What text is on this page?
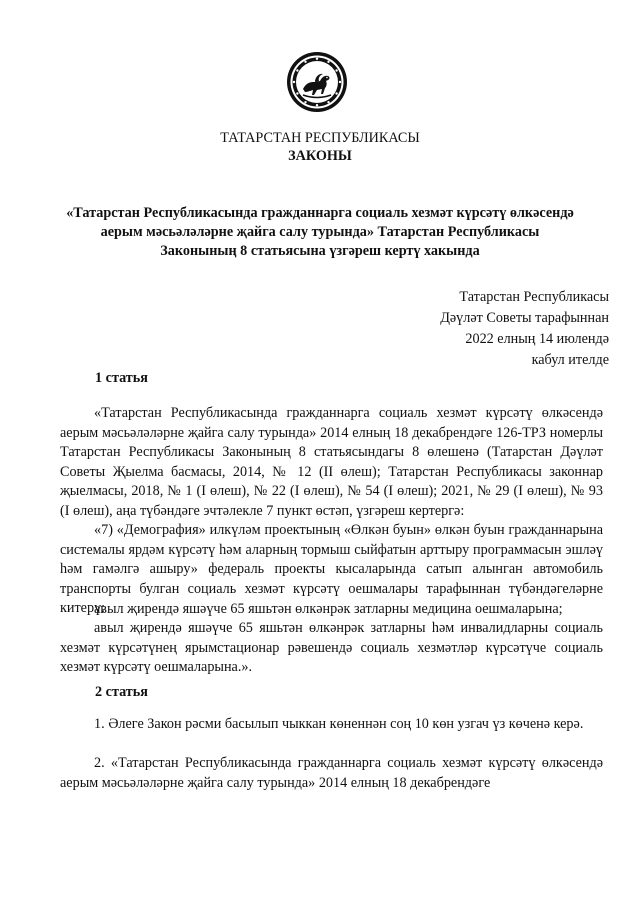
ТАТАРСТАН РЕСПУБЛИКАСЫ
ЗАКОНЫ
«Татарстан Республикасында гражданнарга социаль хезмәт күрсәтү өлкәсендә
аерым мәсьәләләрне җайга салу турында» Татарстан Республикасы
Законының 8 статьясына үзгәреш кертү хакында
Татарстан Республикасы
Дәүләт Советы тарафыннан
2022 елның 14 июлендә
кабул ителде
1 статья
«Татарстан Республикасында гражданнарга социаль хезмәт күрсәтү өлкәсендә аерым мәсьәләләрне җайга салу турында» 2014 елның 18 декабрендәге 126-ТРЗ номерлы Татарстан Республикасы Законының 8 статьясындагы 8 өлешенә (Татарстан Дәүләт Советы Җыелма басмасы, 2014, № 12 (II өлеш); Татарстан Республикасы законнар җыелмасы, 2018, № 1 (I өлеш), № 22 (I өлеш), № 54 (I өлеш); 2021, № 29 (I өлеш), № 93 (I өлеш), аңа түбәндәге эчтәлекле 7 пункт өстәп, үзгәреш кертергә:
«7) «Демография» илкүләм проектының «Өлкән буын» өлкән буын гражданнарына системалы ярдәм күрсәтү һәм аларның тормыш сыйфатын арттыру программасын эшләү һәм гамәлгә ашыру» федераль проекты кысаларында сатып алынган автомобиль транспорты булган социаль хезмәт күрсәтү оешмалары тарафыннан түбәндәгеләрне китерү:
авыл җирендә яшәүче 65 яшьтән өлкәнрәк затларны медицина оешмаларына;
авыл җирендә яшәүче 65 яшьтән өлкәнрәк затларны һәм инвалидларны социаль хезмәт күрсәтүнең ярымстационар рәвешендә социаль хезмәтләр күрсәтүче социаль хезмәт күрсәтү оешмаларына.».
2 статья
1. Әлеге Закон рәсми басылып чыккан көненнән соң 10 көн узгач үз көченә керә.
2. «Татарстан Республикасында гражданнарга социаль хезмәт күрсәтү өлкәсендә аерым мәсьәләләрне җайга салу турында» 2014 елның 18 декабрендәге
